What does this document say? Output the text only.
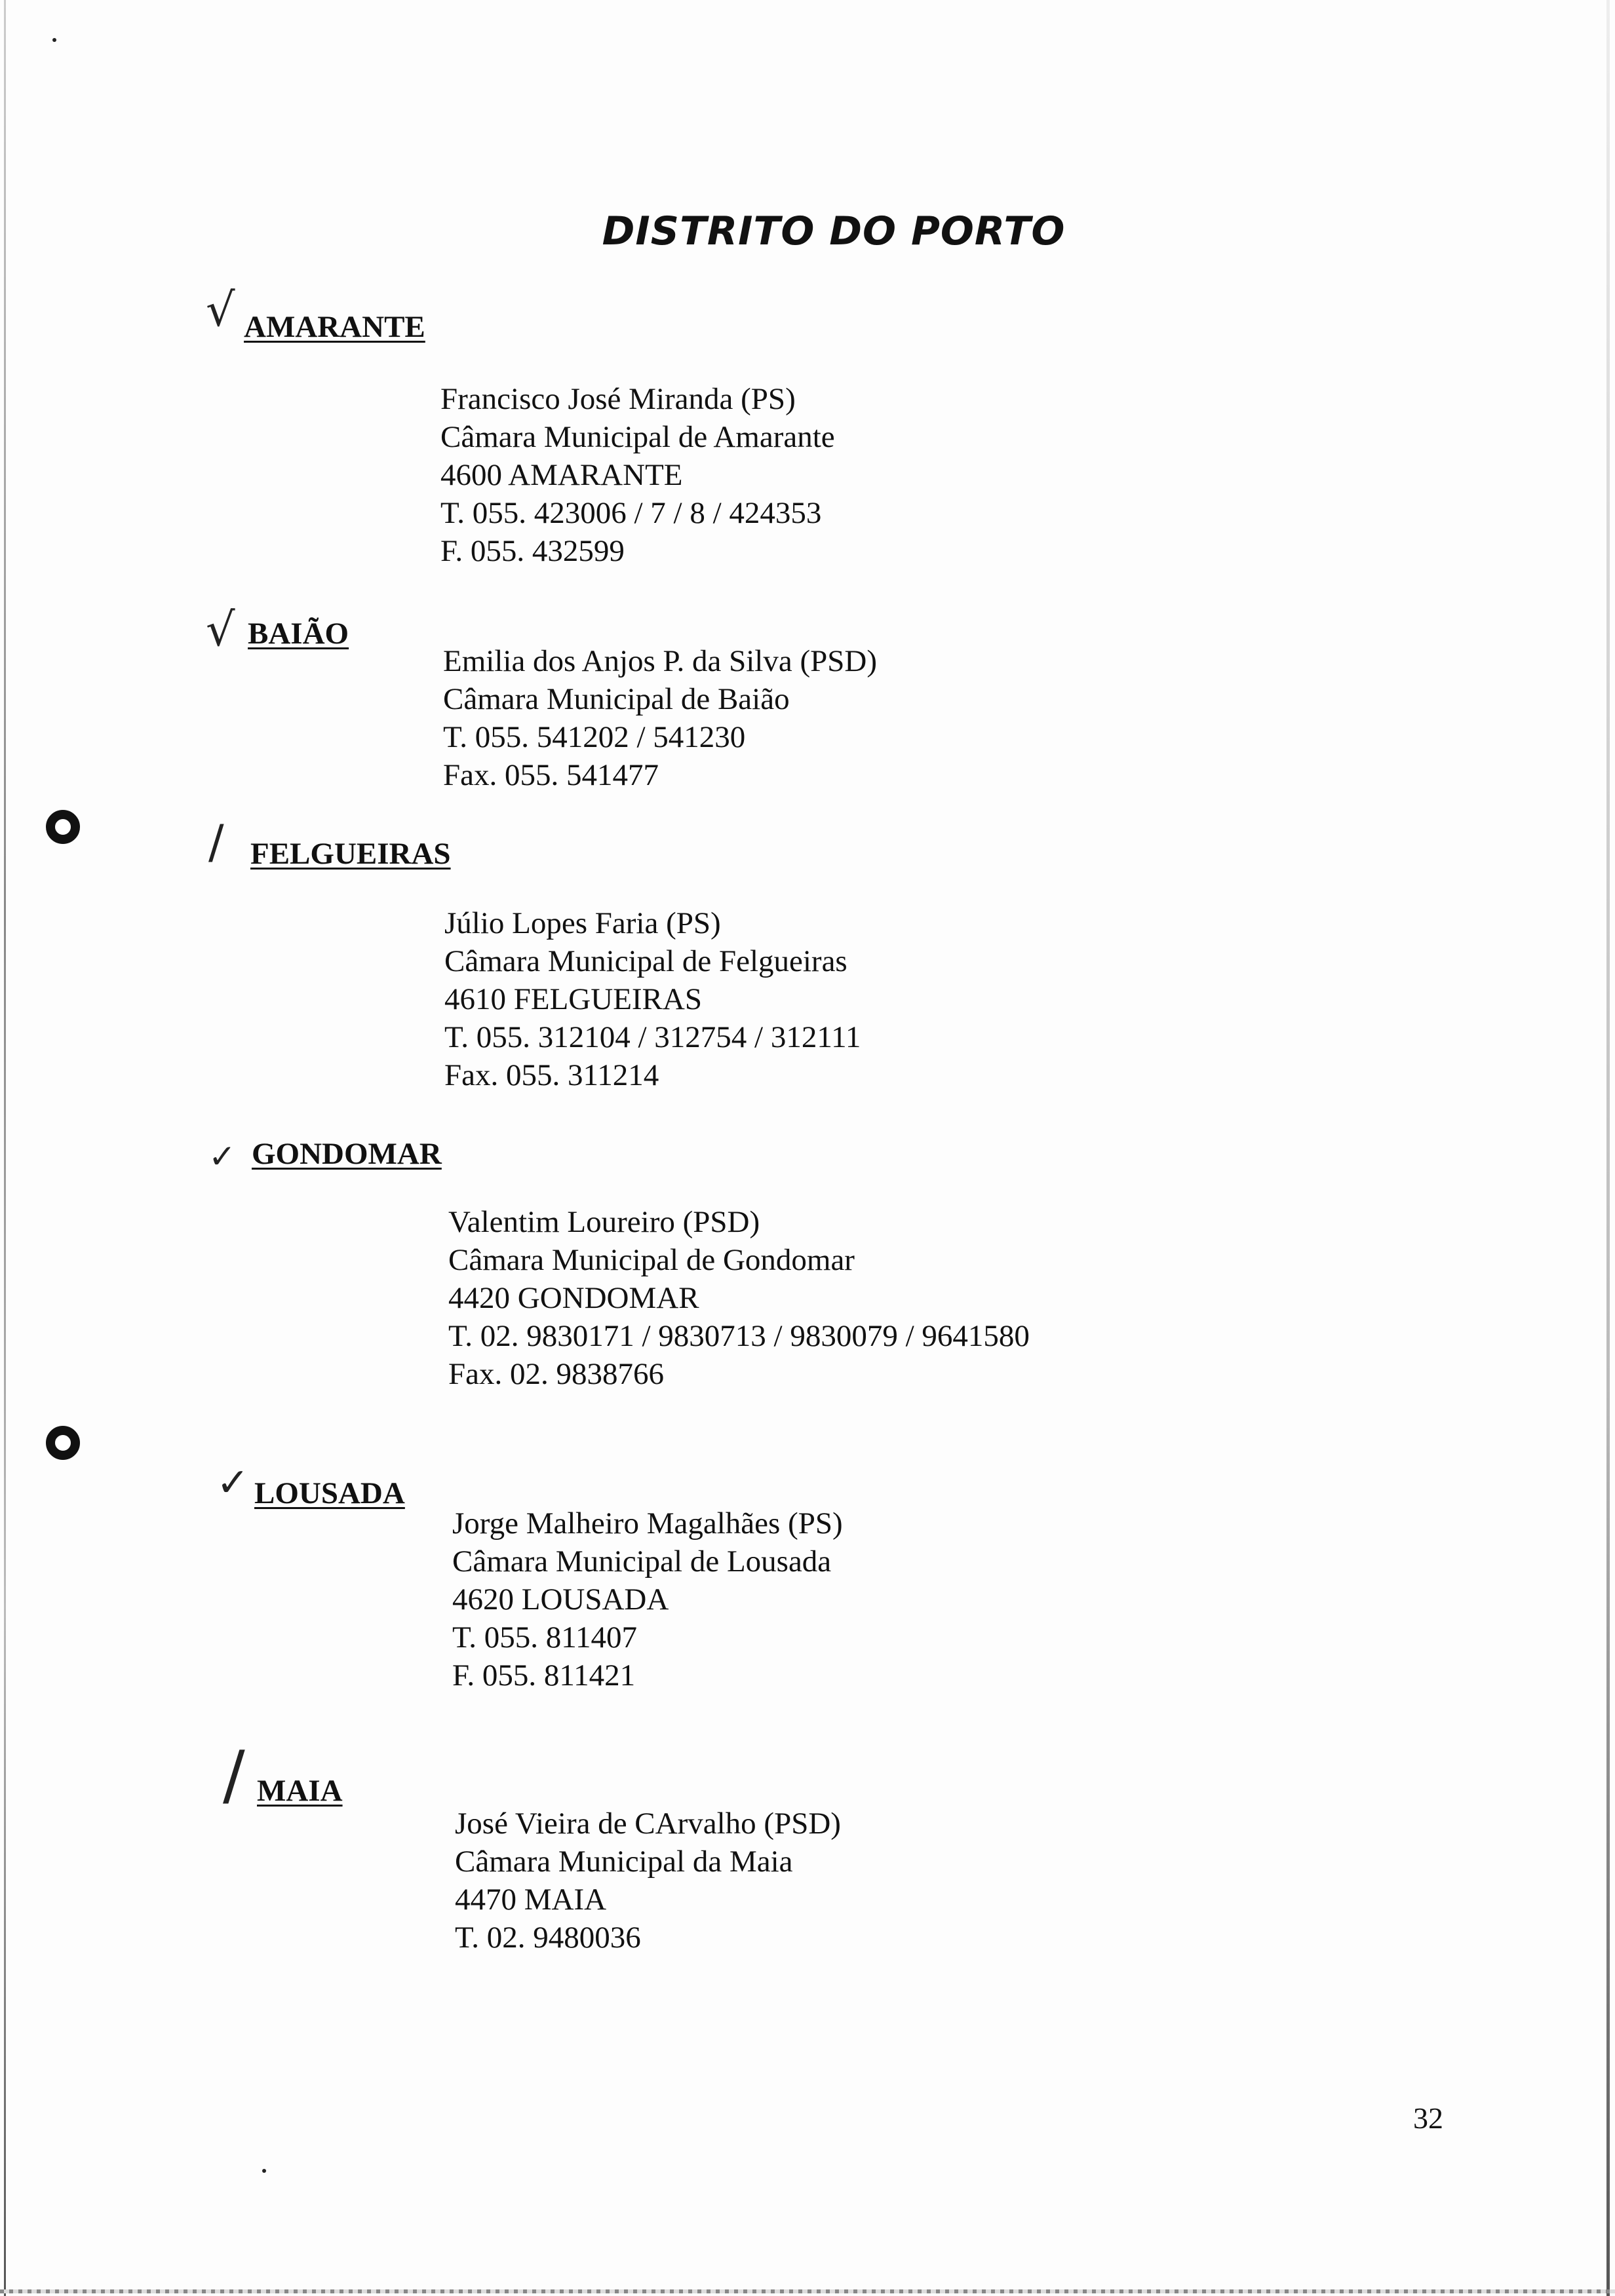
DISTRITO DO PORTO
√ AMARANTE
Francisco José Miranda (PS)
Câmara Municipal de Amarante
4600 AMARANTE
T. 055. 423006 / 7 / 8 / 424353
F. 055. 432599
√ BAIÃO
Emilia dos Anjos P. da Silva (PSD)
Câmara Municipal de Baião
T. 055. 541202 / 541230
Fax. 055. 541477
/ FELGUEIRAS
Júlio Lopes Faria (PS)
Câmara Municipal de Felgueiras
4610 FELGUEIRAS
T. 055. 312104 / 312754 / 312111
Fax. 055. 311214
✓ GONDOMAR
Valentim Loureiro (PSD)
Câmara Municipal de Gondomar
4420 GONDOMAR
T. 02. 9830171 / 9830713 / 9830079 / 9641580
Fax. 02. 9838766
✓ LOUSADA
Jorge Malheiro Magalhães (PS)
Câmara Municipal de Lousada
4620 LOUSADA
T. 055. 811407
F. 055. 811421
/ MAIA
José Vieira de CArvalho (PSD)
Câmara Municipal da Maia
4470 MAIA
T. 02. 9480036
32
